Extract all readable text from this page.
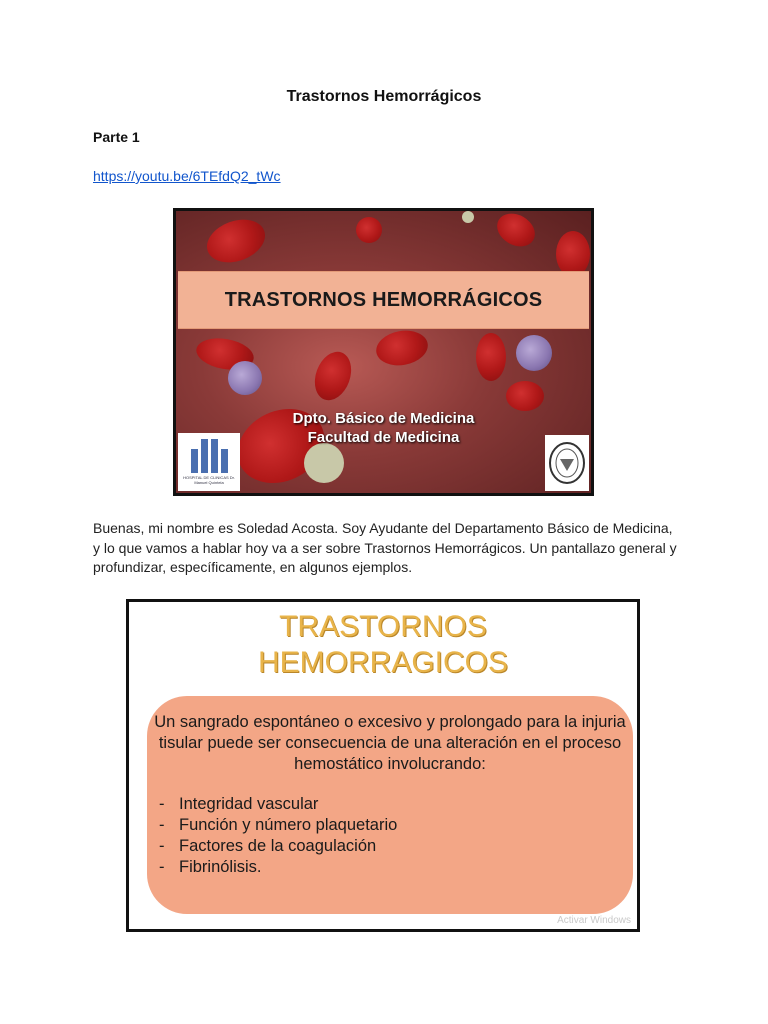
Trastornos Hemorrágicos
Parte 1
https://youtu.be/6TEfdQ2_tWc
TRASTORNOS HEMORRÁGICOS
Dpto. Básico de Medicina
Facultad de Medicina
HOSPITAL DE CLINICAS Dr. Manuel Quíntela
Buenas, mi nombre es Soledad Acosta. Soy Ayudante del Departamento Básico de Medicina, y lo que vamos a hablar hoy va a ser sobre Trastornos Hemorrágicos. Un pantallazo general y profundizar, específicamente, en algunos ejemplos.
TRASTORNOS
HEMORRAGICOS
Un sangrado espontáneo o excesivo y prolongado para la injuria tisular puede ser consecuencia de una alteración en el proceso hemostático involucrando:
- Integridad vascular
- Función y número plaquetario
- Factores de la coagulación
- Fibrinólisis.
Activar Windows
